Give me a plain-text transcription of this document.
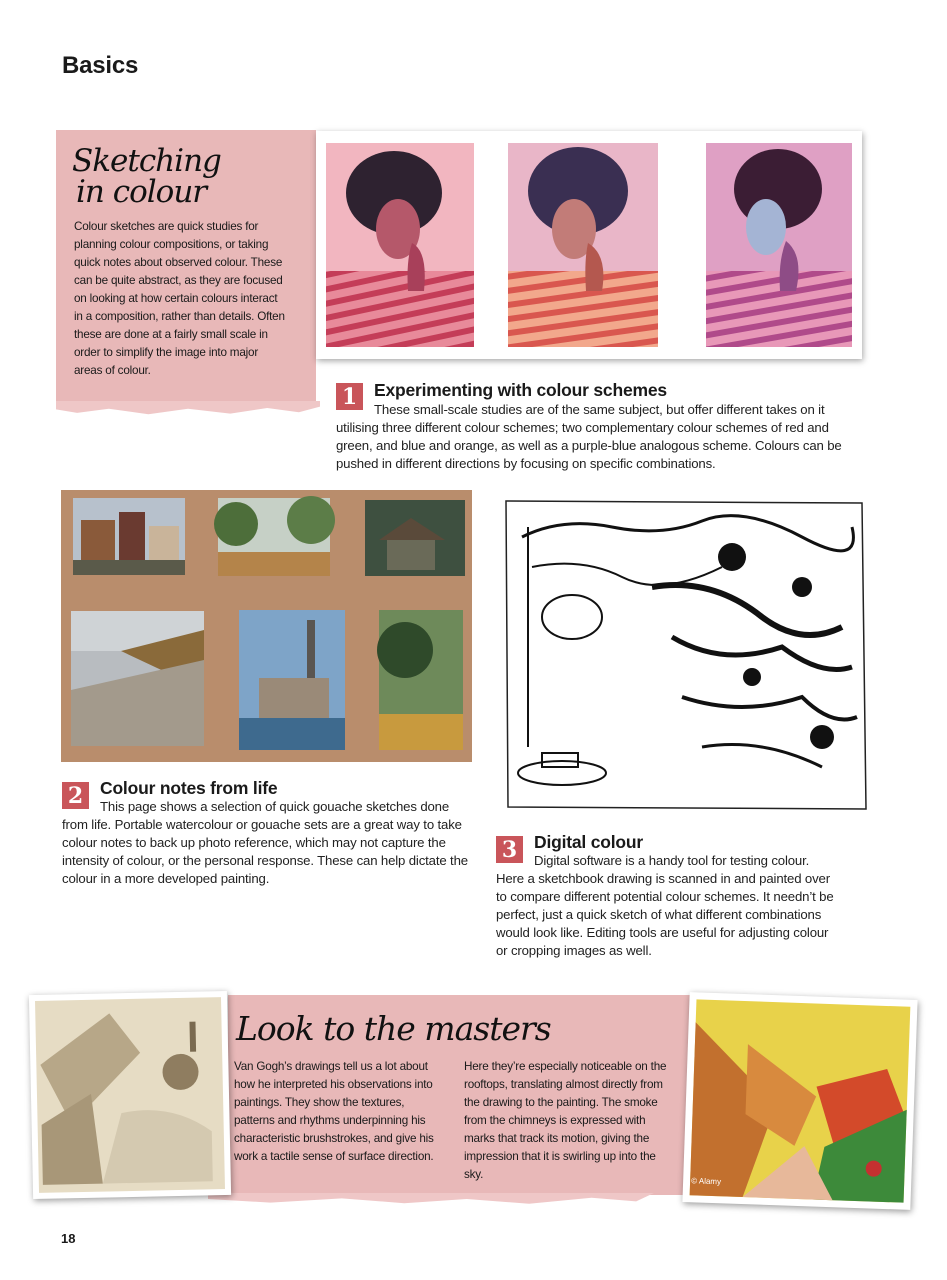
Basics
Sketching
in colour
Colour sketches are quick studies for planning colour compositions, or taking quick notes about observed colour. These can be quite abstract, as they are focused on looking at how certain colours interact in a composition, rather than details. Often these are done at a fairly small scale in order to simplify the image into major areas of colour.
1 Experimenting with colour schemes
These small-scale studies are of the same subject, but offer different takes on it utilising three different colour schemes; two complementary colour schemes of red and green, and blue and orange, as well as a purple-blue analogous scheme. Colours can be pushed in different directions by focusing on specific combinations.
2 Colour notes from life
This page shows a selection of quick gouache sketches done from life. Portable watercolour or gouache sets are a great way to take colour notes to back up photo reference, which may not capture the intensity of colour, or the personal response. These can help dictate the colour in a more developed painting.
3 Digital colour
Digital software is a handy tool for testing colour. Here a sketchbook drawing is scanned in and painted over to compare different potential colour schemes. It needn’t be perfect, just a quick sketch of what different combinations would look like. Editing tools are useful for adjusting colour or cropping images as well.
Look to the masters
Van Gogh’s drawings tell us a lot about how he interpreted his observations into paintings. They show the textures, patterns and rhythms underpinning his characteristic brushstrokes, and give his work a tactile sense of surface direction.
Here they’re especially noticeable on the rooftops, translating almost directly from the drawing to the painting. The smoke from the chimneys is expressed with marks that track its motion, giving the impression that it is swirling up into the sky.
© Alamy
18
